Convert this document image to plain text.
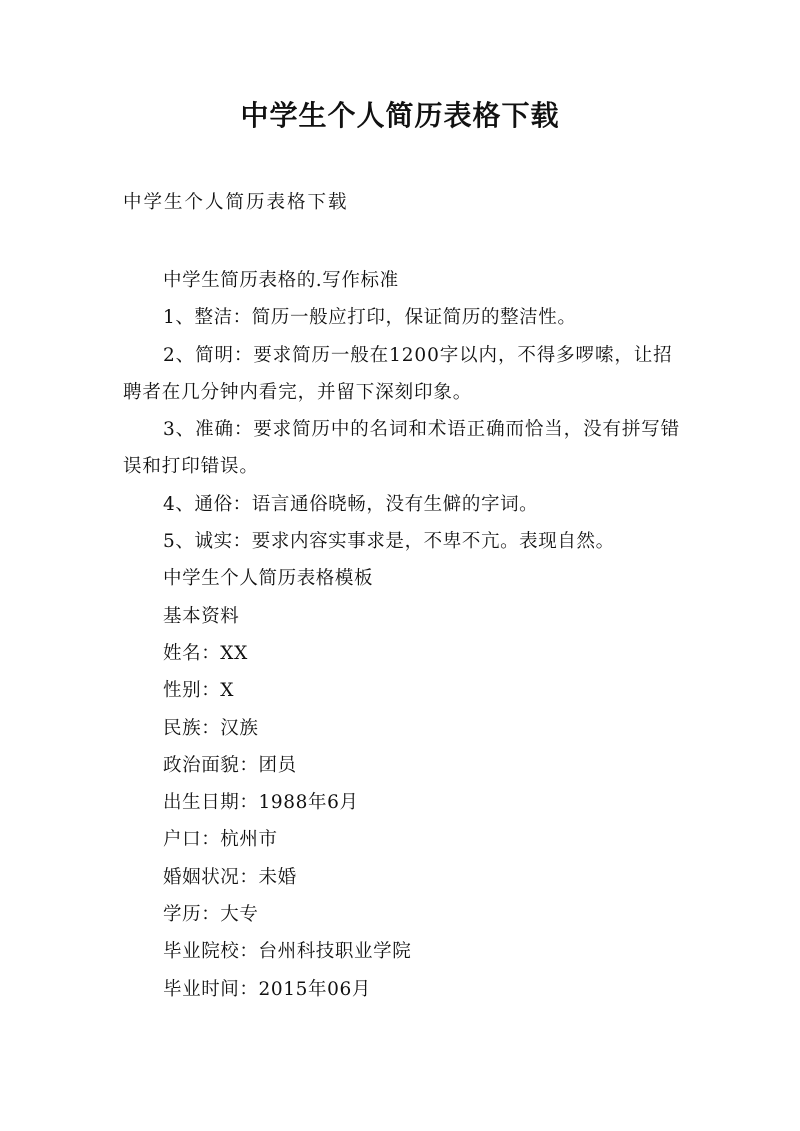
中学生个人简历表格下载
中学生个人简历表格下载

中学生简历表格的.写作标准

1、整洁：简历一般应打印，保证简历的整洁性。

2、简明：要求简历一般在1200字以内，不得多啰嗦，让招聘者在几分钟内看完，并留下深刻印象。

3、准确：要求简历中的名词和术语正确而恰当，没有拼写错误和打印错误。

4、通俗：语言通俗晓畅，没有生僻的字词。

5、诚实：要求内容实事求是，不卑不亢。表现自然。

中学生个人简历表格模板

基本资料

姓名：XX

性别：X

民族：汉族

政治面貌：团员

出生日期：1988年6月

户口：杭州市

婚姻状况：未婚

学历：大专

毕业院校：台州科技职业学院

毕业时间：2015年06月
